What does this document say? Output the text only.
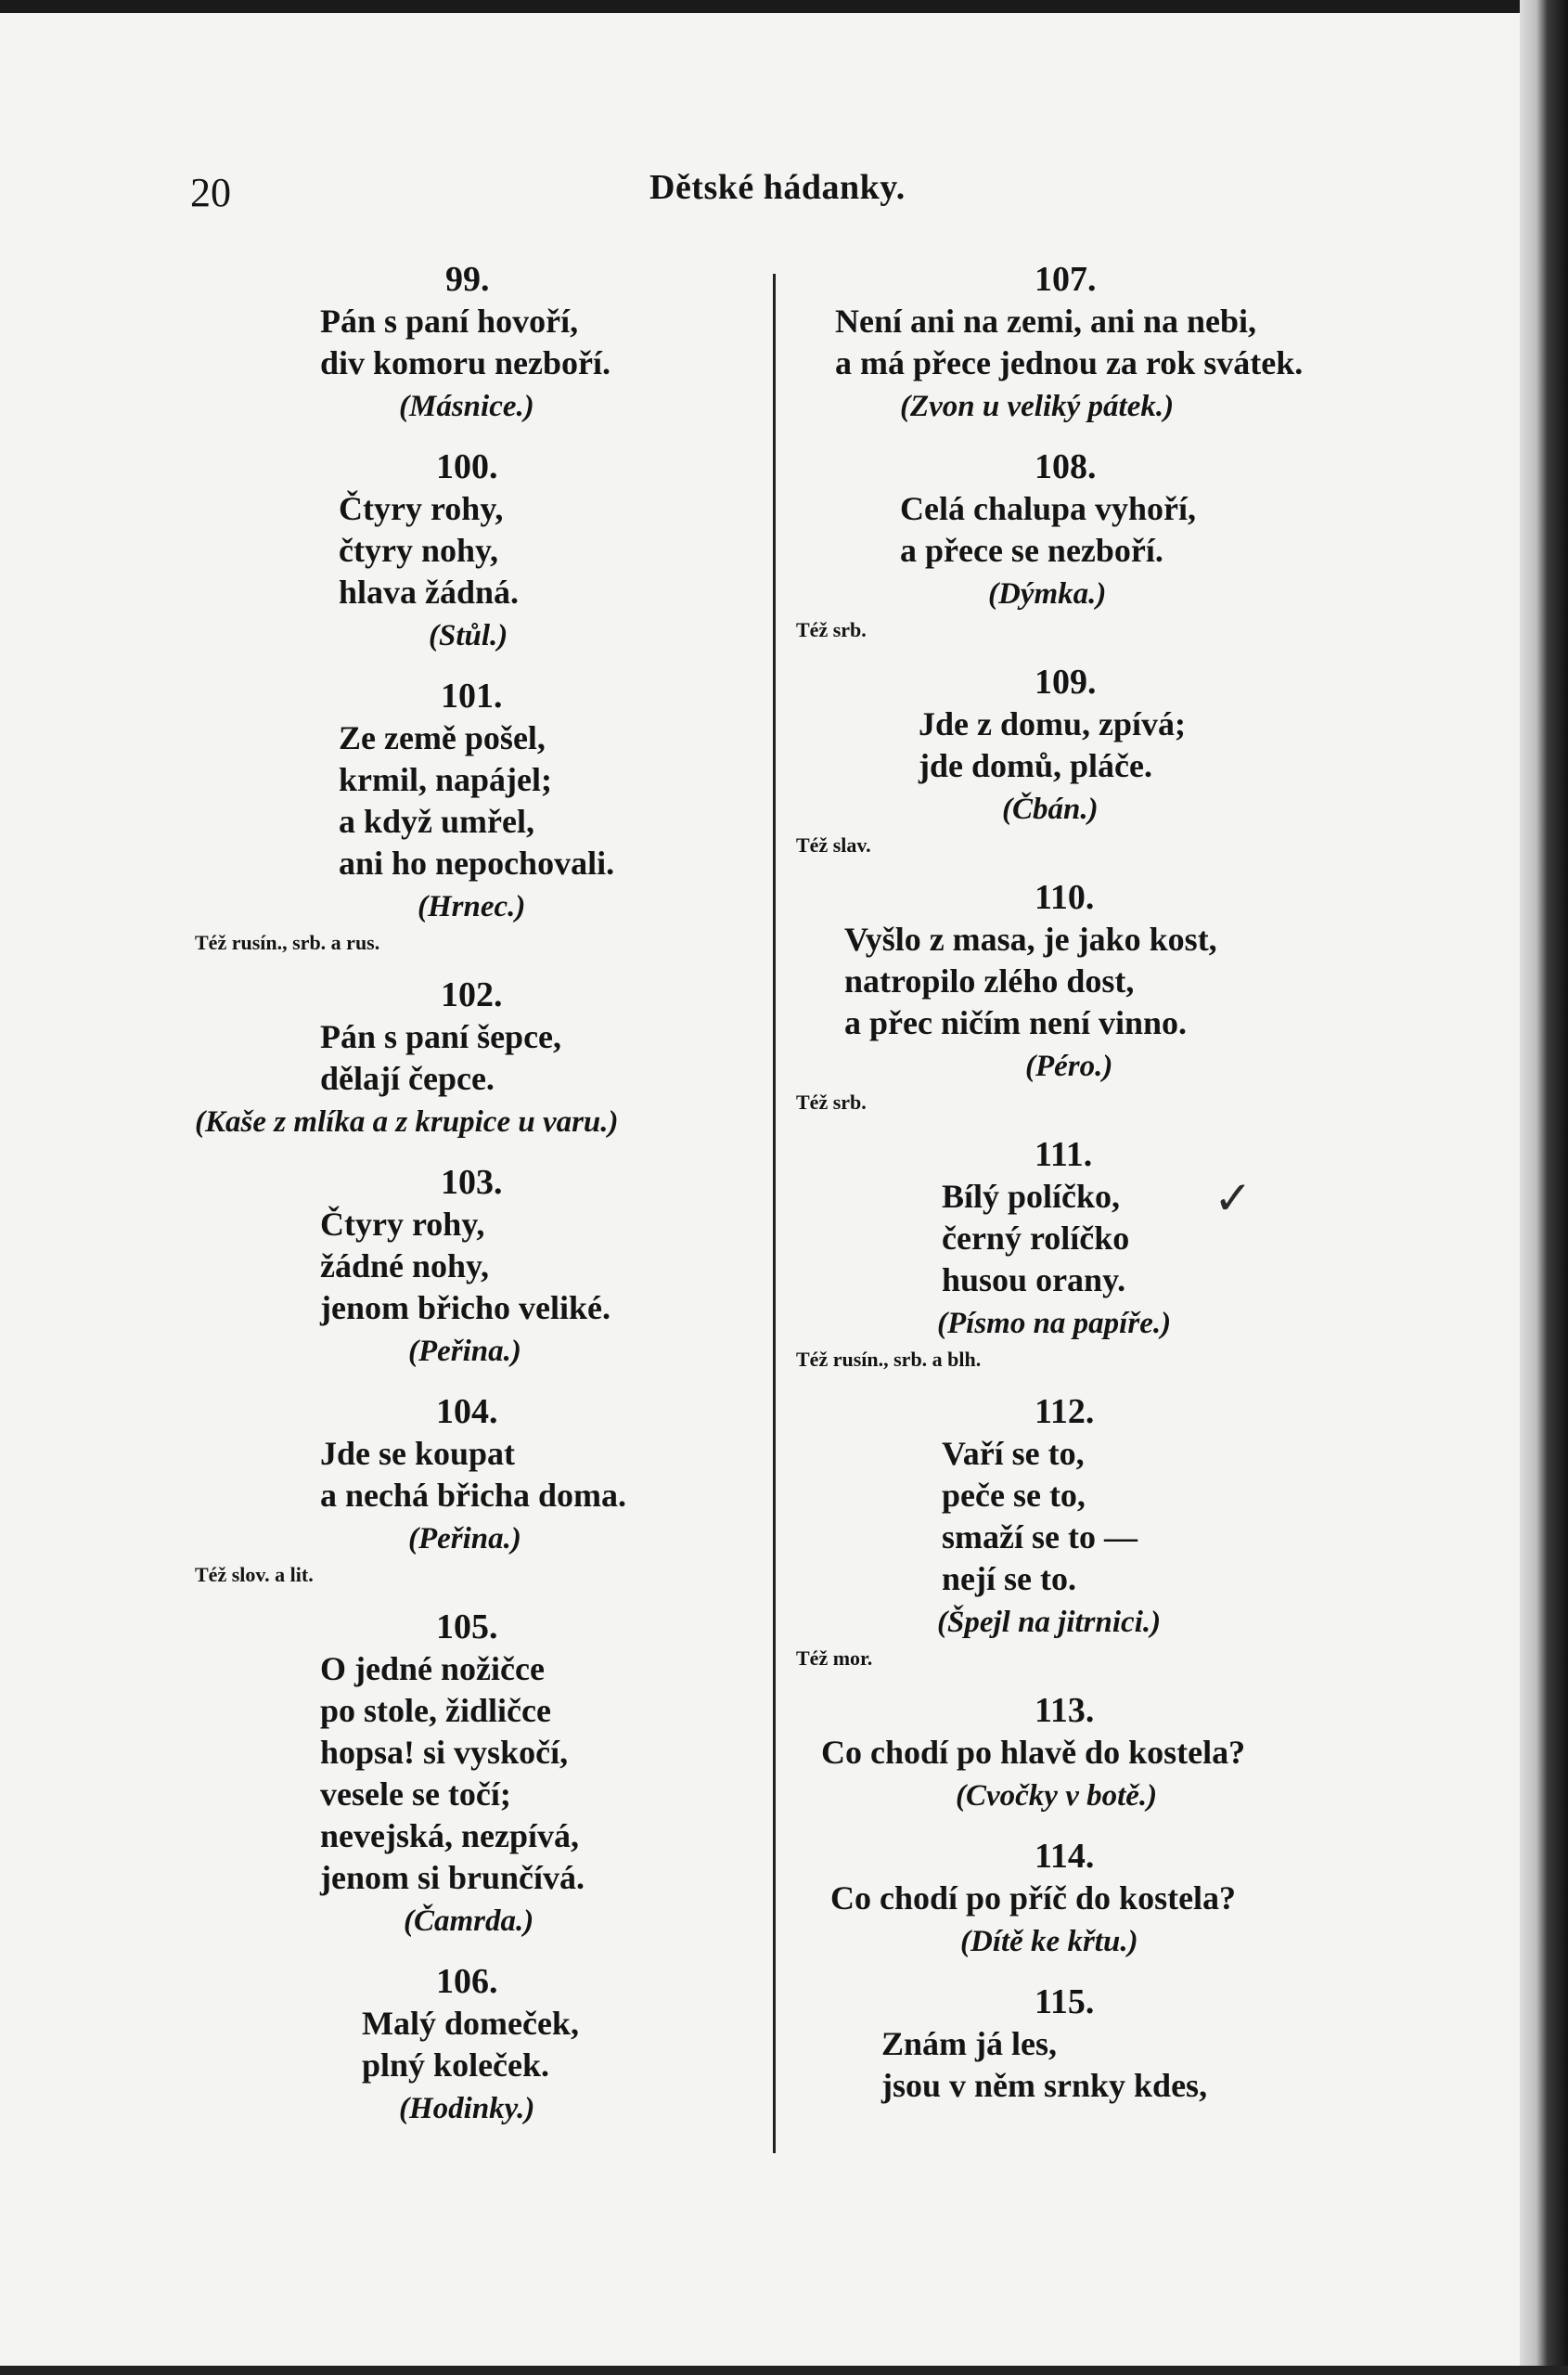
20	Dětské hádanky.
99.
Pán s paní hovoří,
div komoru nezboří.
(Másnice.)
100.
Čtyry rohy,
čtyry nohy,
hlava žádná.
(Stůl.)
101.
Ze země pošel,
krmil, napájel;
a když umřel,
ani ho nepochovali.
(Hrnec.)
Též rusín., srb. a rus.
102.
Pán s paní šepce,
dělají čepce.
(Kaše z mlíka a z krupice u varu.)
103.
Čtyry rohy,
žádné nohy,
jenom břicho veliké.
(Peřina.)
104.
Jde se koupat
a nechá břicha doma.
(Peřina.)
Též slov. a lit.
105.
O jedné nožičce
po stole, židličce
hopsa! si vyskočí,
vesele se točí;
nevejská, nezpívá,
jenom si brunčívá.
(Čamrda.)
106.
Malý domeček,
plný koleček.
(Hodinky.)
107.
Není ani na zemi, ani na nebi,
a má přece jednou za rok svátek.
(Zvon u veliký pátek.)
108.
Celá chalupa vyhoří,
a přece se nezboří.
(Dýmka.)
Též srb.
109.
Jde z domu, zpívá;
jde domů, pláče.
(Čbán.)
Též slav.
110.
Vyšlo z masa, je jako kost,
natropilo zlého dost,
a přec ničím není vinno.
(Péro.)
Též srb.
111.
Bílý políčko,
černý rolíčko
husou orany.
(Písmo na papíře.)
Též rusín., srb. a blh.
112.
Vaří se to,
peče se to,
smaží se to —
nejí se to.
(Špejl na jitrnici.)
Též mor.
113.
Co chodí po hlavě do kostela?
(Cvočky v botě.)
114.
Co chodí po příč do kostela?
(Dítě ke křtu.)
115.
Znám já les,
jsou v něm srnky kdes,
✓
